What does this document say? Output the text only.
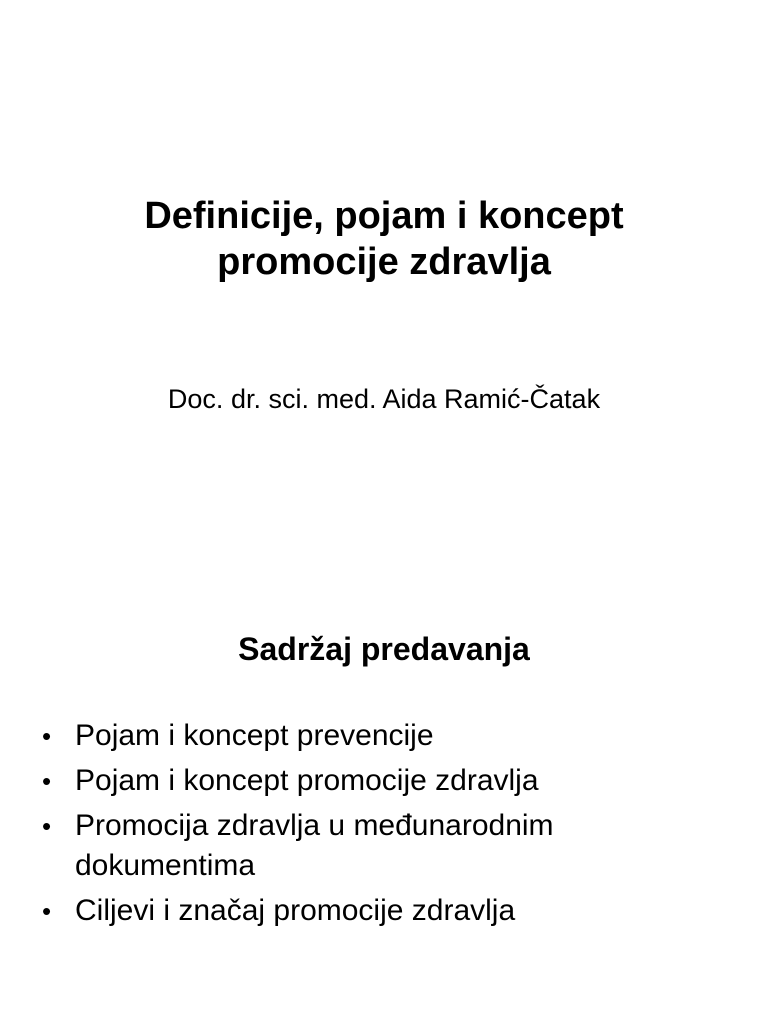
Definicije, pojam i koncept
promocije zdravlja

Doc. dr. sci. med. Aida Ramić-Čatak

Sadržaj predavanja
• Pojam i koncept prevencije
• Pojam i koncept promocije zdravlja
• Promocija zdravlja u međunarodnim dokumentima
• Ciljevi i značaj promocije zdravlja
